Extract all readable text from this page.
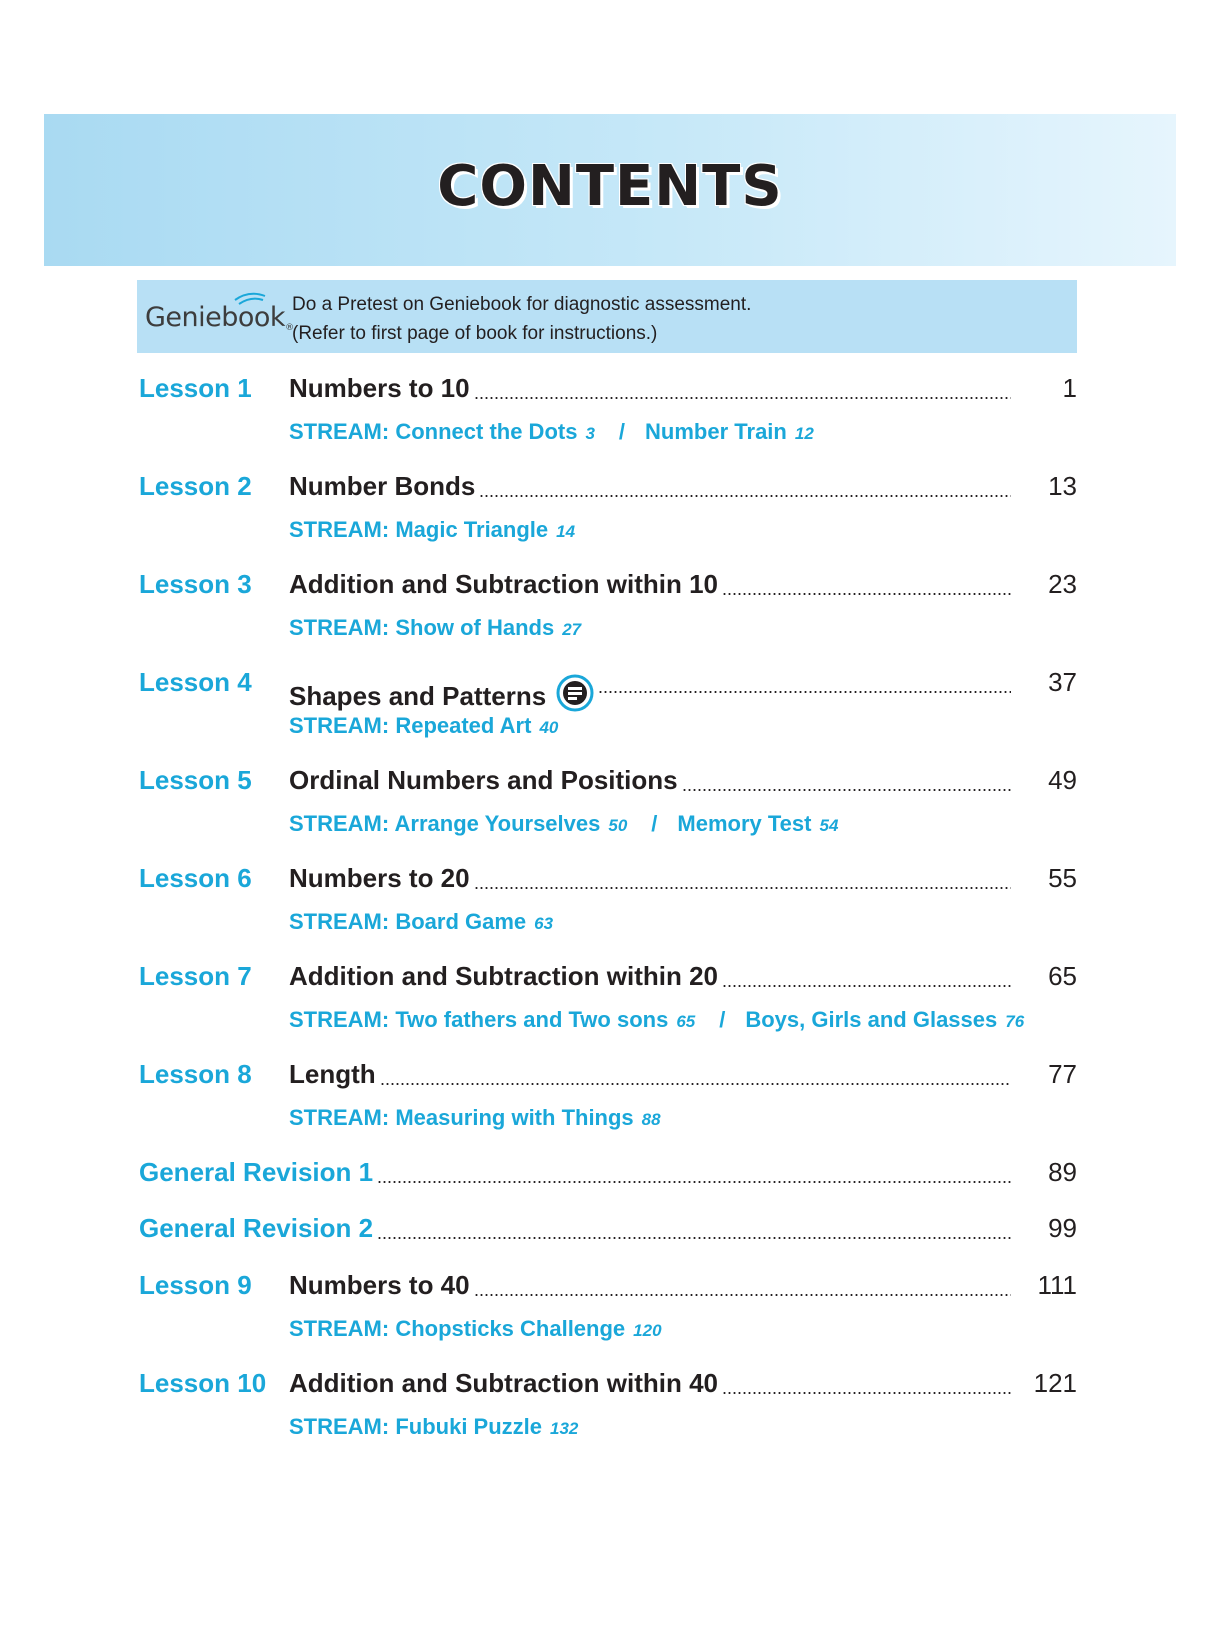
CONTENTS
Geniebook®
Do a Pretest on Geniebook for diagnostic assessment.
(Refer to first page of book for instructions.)
Lesson 1 Numbers to 10	1
STREAM: Connect the Dots 3 / Number Train 12
Lesson 2 Number Bonds	13
STREAM: Magic Triangle 14
Lesson 3 Addition and Subtraction within 10	23
STREAM: Show of Hands 27
Lesson 4 Shapes and Patterns	37
STREAM: Repeated Art 40
Lesson 5 Ordinal Numbers and Positions	49
STREAM: Arrange Yourselves 50 / Memory Test 54
Lesson 6 Numbers to 20	55
STREAM: Board Game 63
Lesson 7 Addition and Subtraction within 20	65
STREAM: Two fathers and Two sons 65 / Boys, Girls and Glasses 76
Lesson 8 Length	77
STREAM: Measuring with Things 88
General Revision 1	89
General Revision 2	99
Lesson 9 Numbers to 40	111
STREAM: Chopsticks Challenge 120
Lesson 10 Addition and Subtraction within 40	121
STREAM: Fubuki Puzzle 132
